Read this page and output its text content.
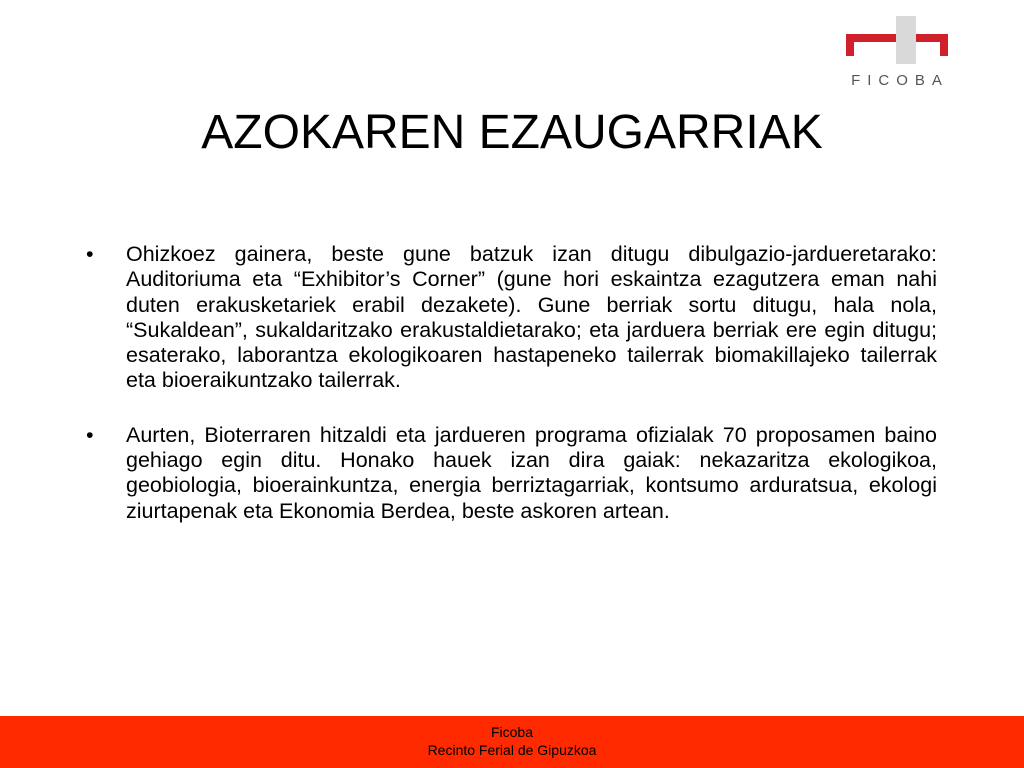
FICOBA
AZOKAREN EZAUGARRIAK
• Ohizkoez gainera, beste gune batzuk izan ditugu dibulgazio-jardueretarako: Auditoriuma eta “Exhibitor’s Corner” (gune hori eskaintza ezagutzera eman nahi duten erakusketariek erabil dezakete). Gune berriak sortu ditugu, hala nola, “Sukaldean”, sukaldaritzako erakustaldietarako; eta jarduera berriak ere egin ditugu; esaterako, laborantza ekologikoaren hastapeneko tailerrak biomakillajeko tailerrak eta bioeraikuntzako tailerrak.
• Aurten, Bioterraren hitzaldi eta jardueren programa ofizialak 70 proposamen baino gehiago egin ditu. Honako hauek izan dira gaiak: nekazaritza ekologikoa, geobiologia, bioerainkuntza, energia berriztagarriak, kontsumo arduratsua, ekologi ziurtapenak eta Ekonomia Berdea, beste askoren artean.
Ficoba
Recinto Ferial de Gipuzkoa
